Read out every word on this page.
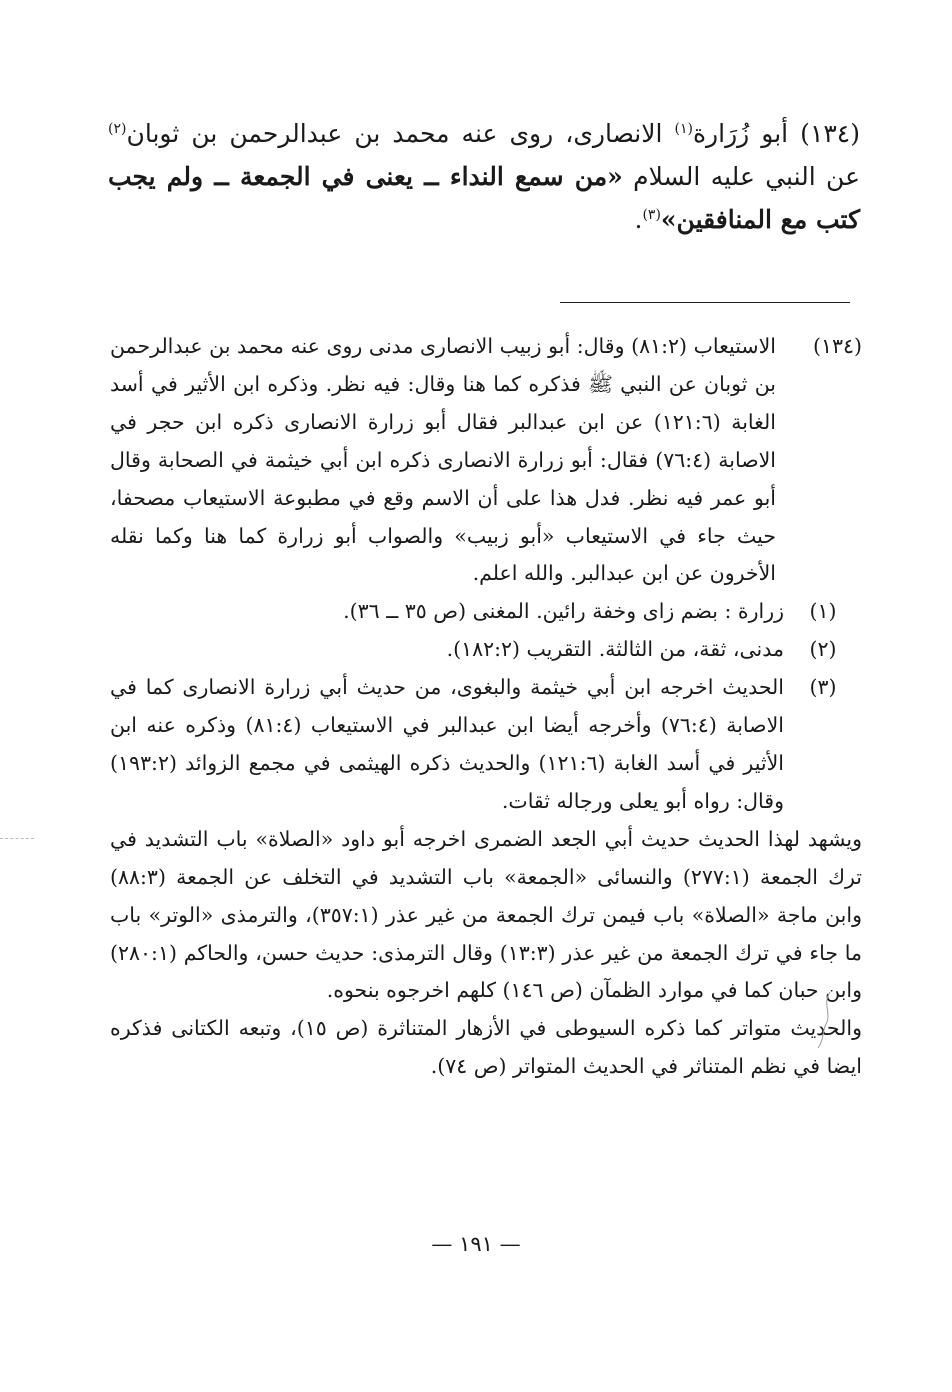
(١٣٤) أبو زُرَارة$^{(١)}$ الانصارى، روى عنه محمد بن عبدالرحمن بن ثوبان$^{(٢)}$ عن النبي عليه السلام «من سمع النداء ــ يعنى في الجمعة ــ ولم يجب كتب مع المنافقين»$^{(٣)}$.
(١٣٤)
الاستيعاب (٨١:٢) وقال: أبو زبيب الانصارى مدنى روى عنه محمد بن عبدالرحمن بن ثوبان عن النبي ﷺ فذكره كما هنا وقال: فيه نظر. وذكره ابن الأثير في أسد الغابة (١٢١:٦) عن ابن عبدالبر فقال أبو زرارة الانصارى ذكره ابن حجر في الاصابة (٧٦:٤) فقال: أبو زرارة الانصارى ذكره ابن أبي خيثمة في الصحابة وقال أبو عمر فيه نظر. فدل هذا على أن الاسم وقع في مطبوعة الاستيعاب مصحفا، حيث جاء في الاستيعاب «أبو زبيب» والصواب أبو زرارة كما هنا وكما نقله الأخرون عن ابن عبدالبر. والله اعلم.
(١)
زرارة : بضم زاى وخفة رائين. المغنى (ص ٣٥ ــ ٣٦).
(٢)
مدنى، ثقة، من الثالثة. التقريب (١٨٢:٢).
(٣)
الحديث اخرجه ابن أبي خيثمة والبغوى، من حديث أبي زرارة الانصارى كما في الاصابة (٧٦:٤) وأخرجه أيضا ابن عبدالبر في الاستيعاب (٨١:٤) وذكره عنه ابن الأثير في أسد الغابة (١٢١:٦) والحديث ذكره الهيثمى في مجمع الزوائد (١٩٣:٢) وقال: رواه أبو يعلى ورجاله ثقات.
ويشهد لهذا الحديث حديث أبي الجعد الضمرى اخرجه أبو داود «الصلاة» باب التشديد في ترك الجمعة (٢٧٧:١) والنسائى «الجمعة» باب التشديد في التخلف عن الجمعة (٨٨:٣) وابن ماجة «الصلاة» باب فيمن ترك الجمعة من غير عذر (٣٥٧:١)، والترمذى «الوتر» باب ما جاء في ترك الجمعة من غير عذر (١٣:٣) وقال الترمذى: حديث حسن، والحاكم (٢٨٠:١) وابن حبان كما في موارد الظمآن (ص ١٤٦) كلهم اخرجوه بنحوه.
والحديث متواتر كما ذكره السيوطى في الأزهار المتناثرة (ص ١٥)، وتبعه الكتانى فذكره ايضا في نظم المتناثر في الحديث المتواتر (ص ٧٤).
— ١٩١ —
